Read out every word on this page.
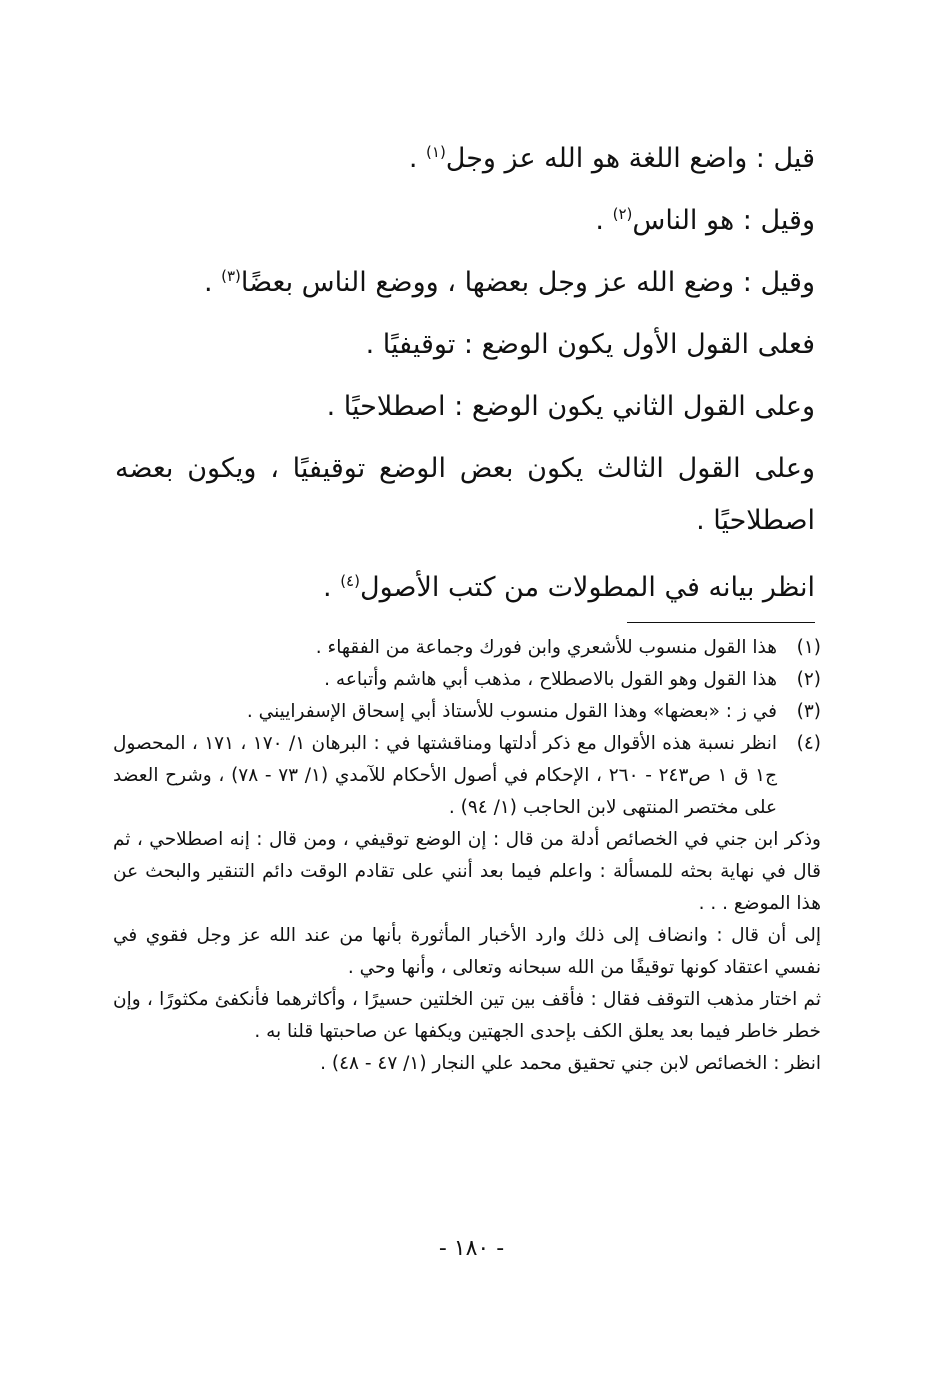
قيل : واضع اللغة هو الله عز وجل$^{(١)}$ .

وقيل : هو الناس$^{(٢)}$ .

وقيل : وضع الله عز وجل بعضها ، ووضع الناس بعضًا$^{(٣)}$ .

فعلى القول الأول يكون الوضع : توقيفيًا .

وعلى القول الثاني يكون الوضع : اصطلاحيًا .

وعلى القول الثالث يكون بعض الوضع توقيفيًا ، ويكون بعضه اصطلاحيًا .

انظر بيانه في المطولات من كتب الأصول$^{(٤)}$ .

(١)
هذا القول منسوب للأشعري وابن فورك وجماعة من الفقهاء .
(٢)
هذا القول وهو القول بالاصطلاح ، مذهب أبي هاشم وأتباعه .
(٣)
في ز : «بعضها» وهذا القول منسوب للأستاذ أبي إسحاق الإسفراييني .
(٤)
انظر نسبة هذه الأقوال مع ذكر أدلتها ومناقشتها في : البرهان ١/ ١٧٠ ، ١٧١ ، المحصول ج١ ق ١ ص٢٤٣ - ٢٦٠ ، الإحكام في أصول الأحكام للآمدي (١/ ٧٣ - ٧٨) ، وشرح العضد على مختصر المنتهى لابن الحاجب (١/ ٩٤) .

وذكر ابن جني في الخصائص أدلة من قال : إن الوضع توقيفي ، ومن قال : إنه اصطلاحي ، ثم قال في نهاية بحثه للمسألة : واعلم فيما بعد أنني على تقادم الوقت دائم التنقير والبحث عن هذا الموضع . . .

إلى أن قال : وانضاف إلى ذلك وارد الأخبار المأثورة بأنها من عند الله عز وجل فقوي في نفسي اعتقاد كونها توقيفًا من الله سبحانه وتعالى ، وأنها وحي .

ثم اختار مذهب التوقف فقال : فأقف بين تين الخلتين حسيرًا ، وأكاثرهما فأنكفئ مكثورًا ، وإن خطر خاطر فيما بعد يعلق الكف بإحدى الجهتين ويكفها عن صاحبتها قلنا به .

انظر : الخصائص لابن جني تحقيق محمد علي النجار (١/ ٤٧ - ٤٨) .

- ١٨٠ -
